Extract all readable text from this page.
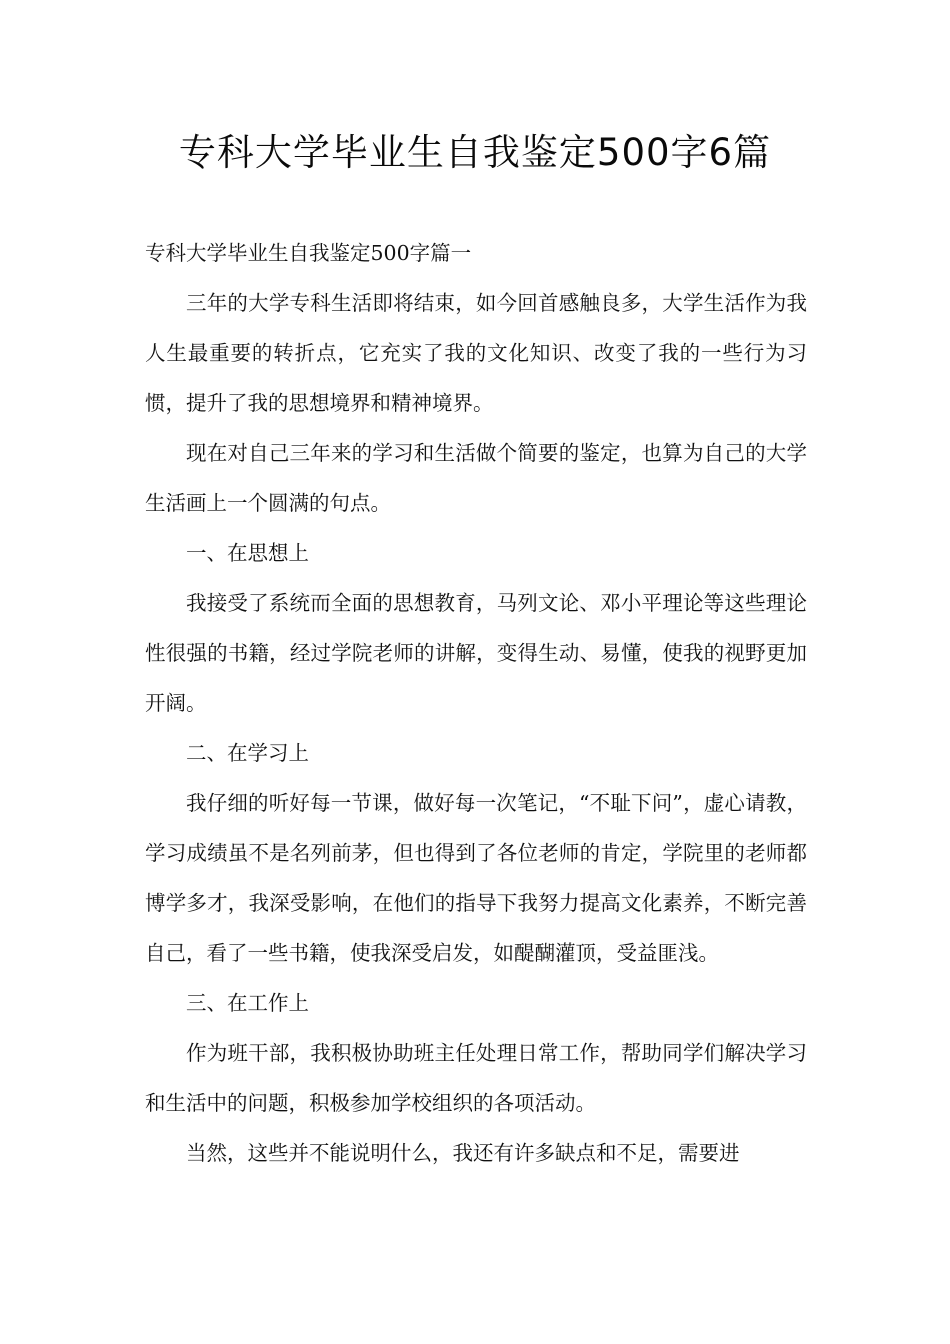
专科大学毕业生自我鉴定500字6篇

专科大学毕业生自我鉴定500字篇一

三年的大学专科生活即将结束，如今回首感触良多，大学生活作为我人生最重要的转折点，它充实了我的文化知识、改变了我的一些行为习惯，提升了我的思想境界和精神境界。

现在对自己三年来的学习和生活做个简要的鉴定，也算为自己的大学生活画上一个圆满的句点。

一、在思想上

我接受了系统而全面的思想教育，马列文论、邓小平理论等这些理论性很强的书籍，经过学院老师的讲解，变得生动、易懂，使我的视野更加开阔。

二、在学习上

我仔细的听好每一节课，做好每一次笔记，“不耻下问”，虚心请教，学习成绩虽不是名列前茅，但也得到了各位老师的肯定，学院里的老师都博学多才，我深受影响，在他们的指导下我努力提高文化素养，不断完善自己，看了一些书籍，使我深受启发，如醍醐灌顶，受益匪浅。

三、在工作上

作为班干部，我积极协助班主任处理日常工作，帮助同学们解决学习和生活中的问题，积极参加学校组织的各项活动。

当然，这些并不能说明什么，我还有许多缺点和不足，需要进
